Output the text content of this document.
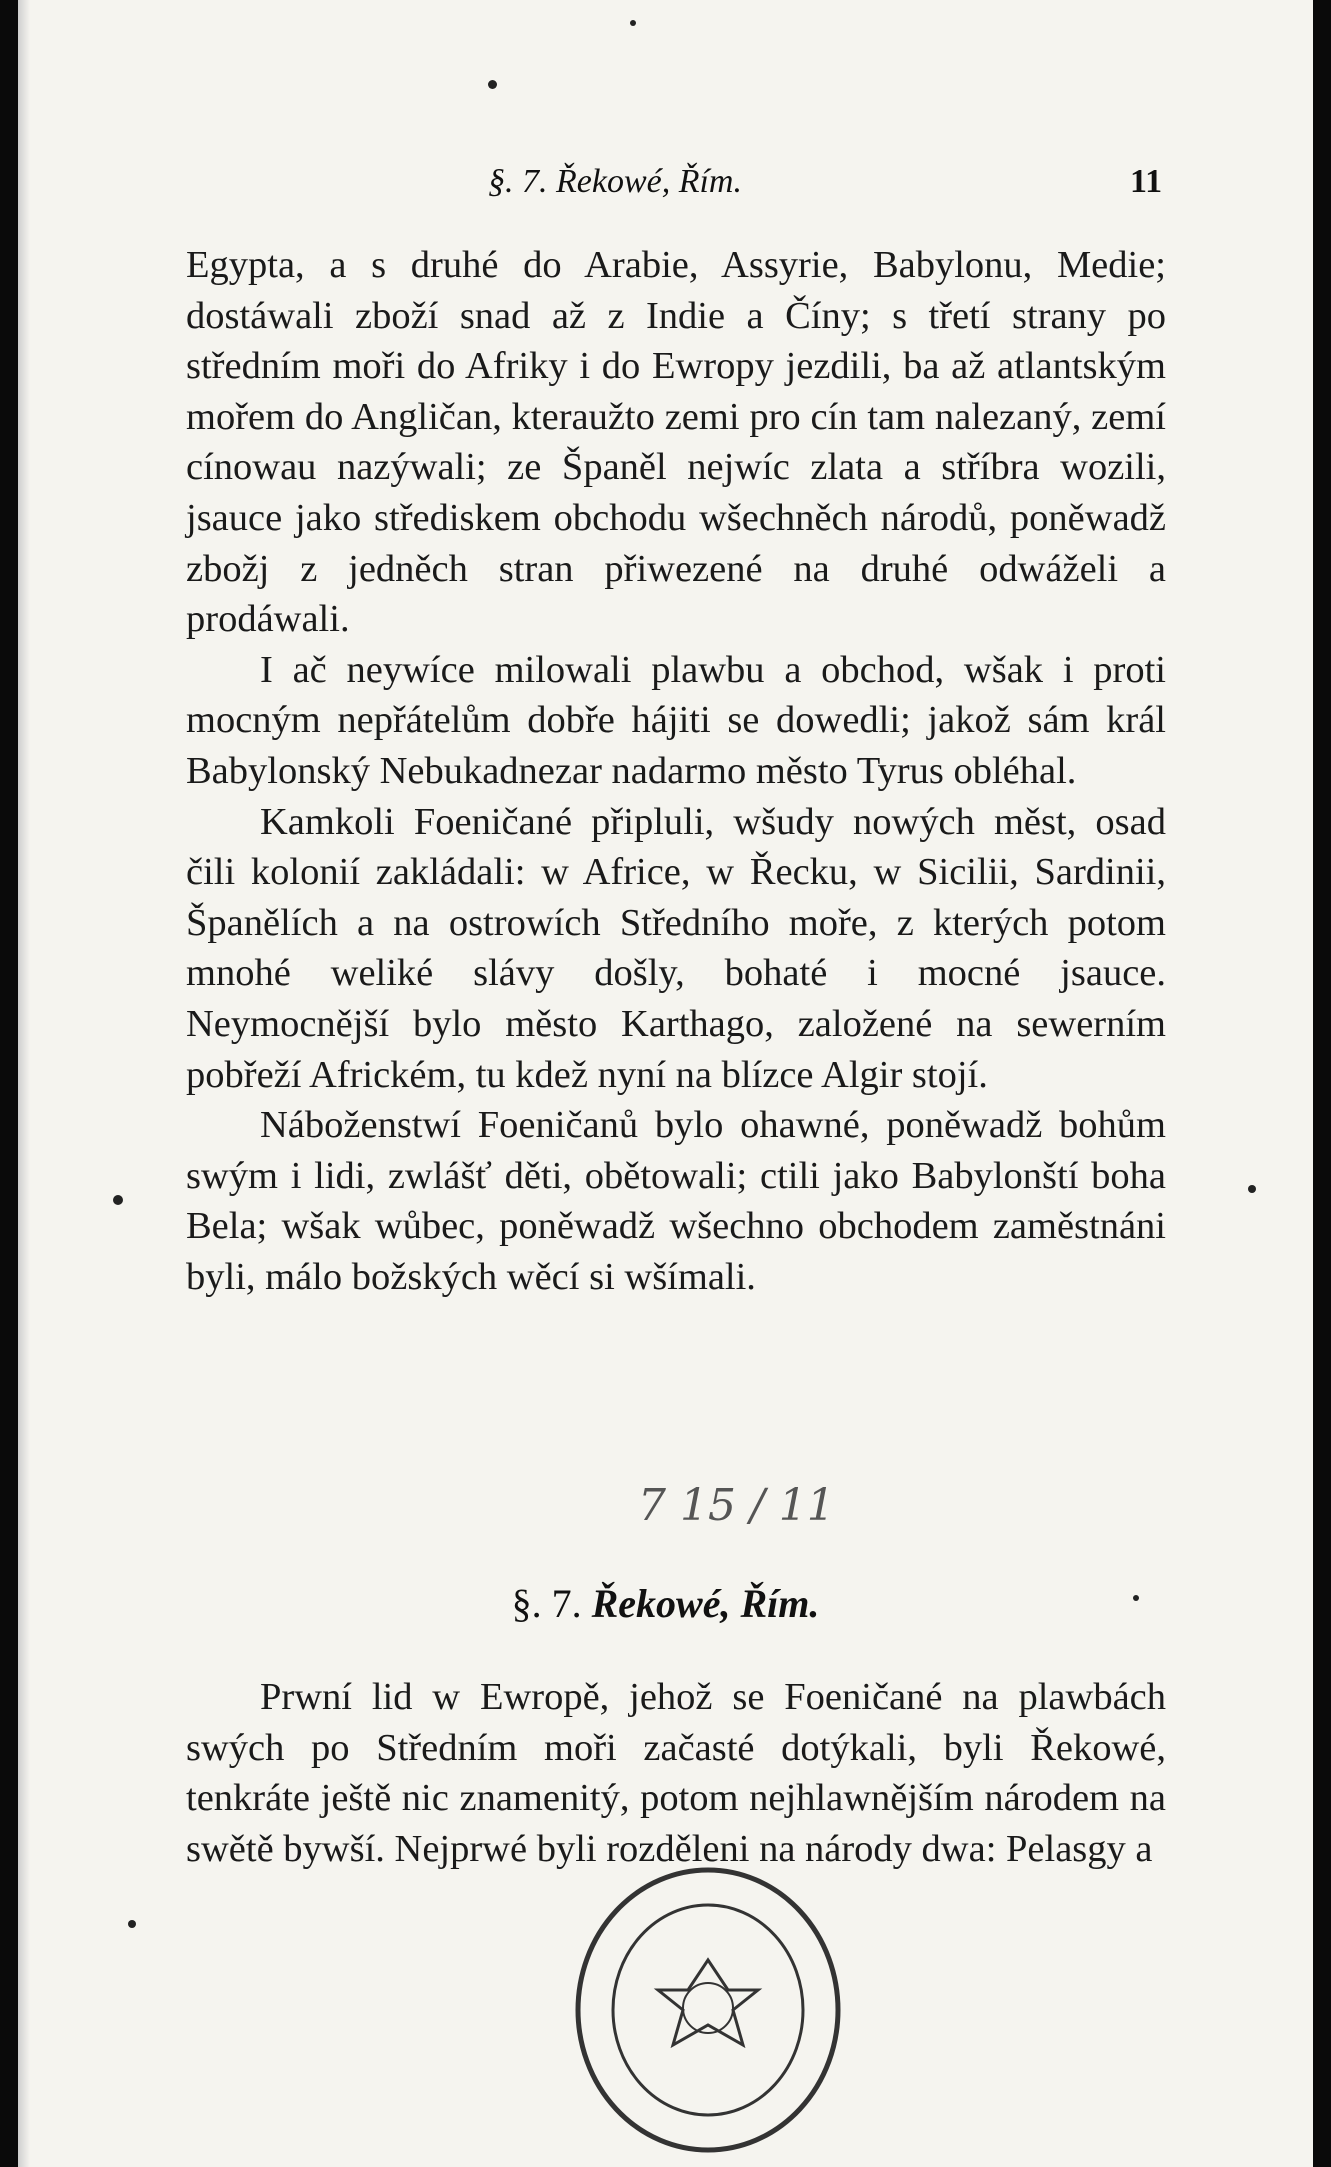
§. 7. Řekowé, Řím.	11

Egypta, a s druhé do Arabie, Assyrie, Babylonu, Medie; dostáwali zboží snad až z Indie a Číny; s třetí strany po středním moři do Afriky i do Ewropy jezdili, ba až atlantským mořem do Angličan, kteraužto zemi pro cín tam nalezaný, zemí cínowau nazýwali; ze Španěl nejwíc zlata a stříbra wozili, jsauce jako střediskem obchodu wšechněch národů, poněwadž zbožj z jedněch stran přiwezené na druhé odwáželi a prodáwali.

I ač neywíce milowali plawbu a obchod, wšak i proti mocným nepřátelům dobře hájiti se dowedli; jakož sám král Babylonský Nebukadnezar nadarmo město Tyrus obléhal.

Kamkoli Foeničané připluli, wšudy nowých měst, osad čili kolonií zakládali: w Africe, w Řecku, w Sicilii, Sardinii, Španělích a na ostrowích Středního moře, z kterých potom mnohé weliké slávy došly, bohaté i mocné jsauce. Neymocnější bylo město Karthago, založené na sewerním pobřeží Africkém, tu kdež nyní na blízce Algir stojí.

Náboženstwí Foeničanů bylo ohawné, poněwadž bohům swým i lidi, zwlášť děti, obětowali; ctili jako Babylonští boha Bela; wšak wůbec, poněwadž wšechno obchodem zaměstnáni byli, málo božských wěcí si wšímali.

7 15 / 11
§. 7. Řekowé, Řím.

Prwní lid w Ewropě, jehož se Foeničané na plawbách swých po Středním moři začasté dotýkali, byli Řekowé, tenkráte ještě nic znamenitý, potom nejhlawnějším národem na swětě bywší. Nejprwé byli rozděleni na národy dwa: Pelasgy a
